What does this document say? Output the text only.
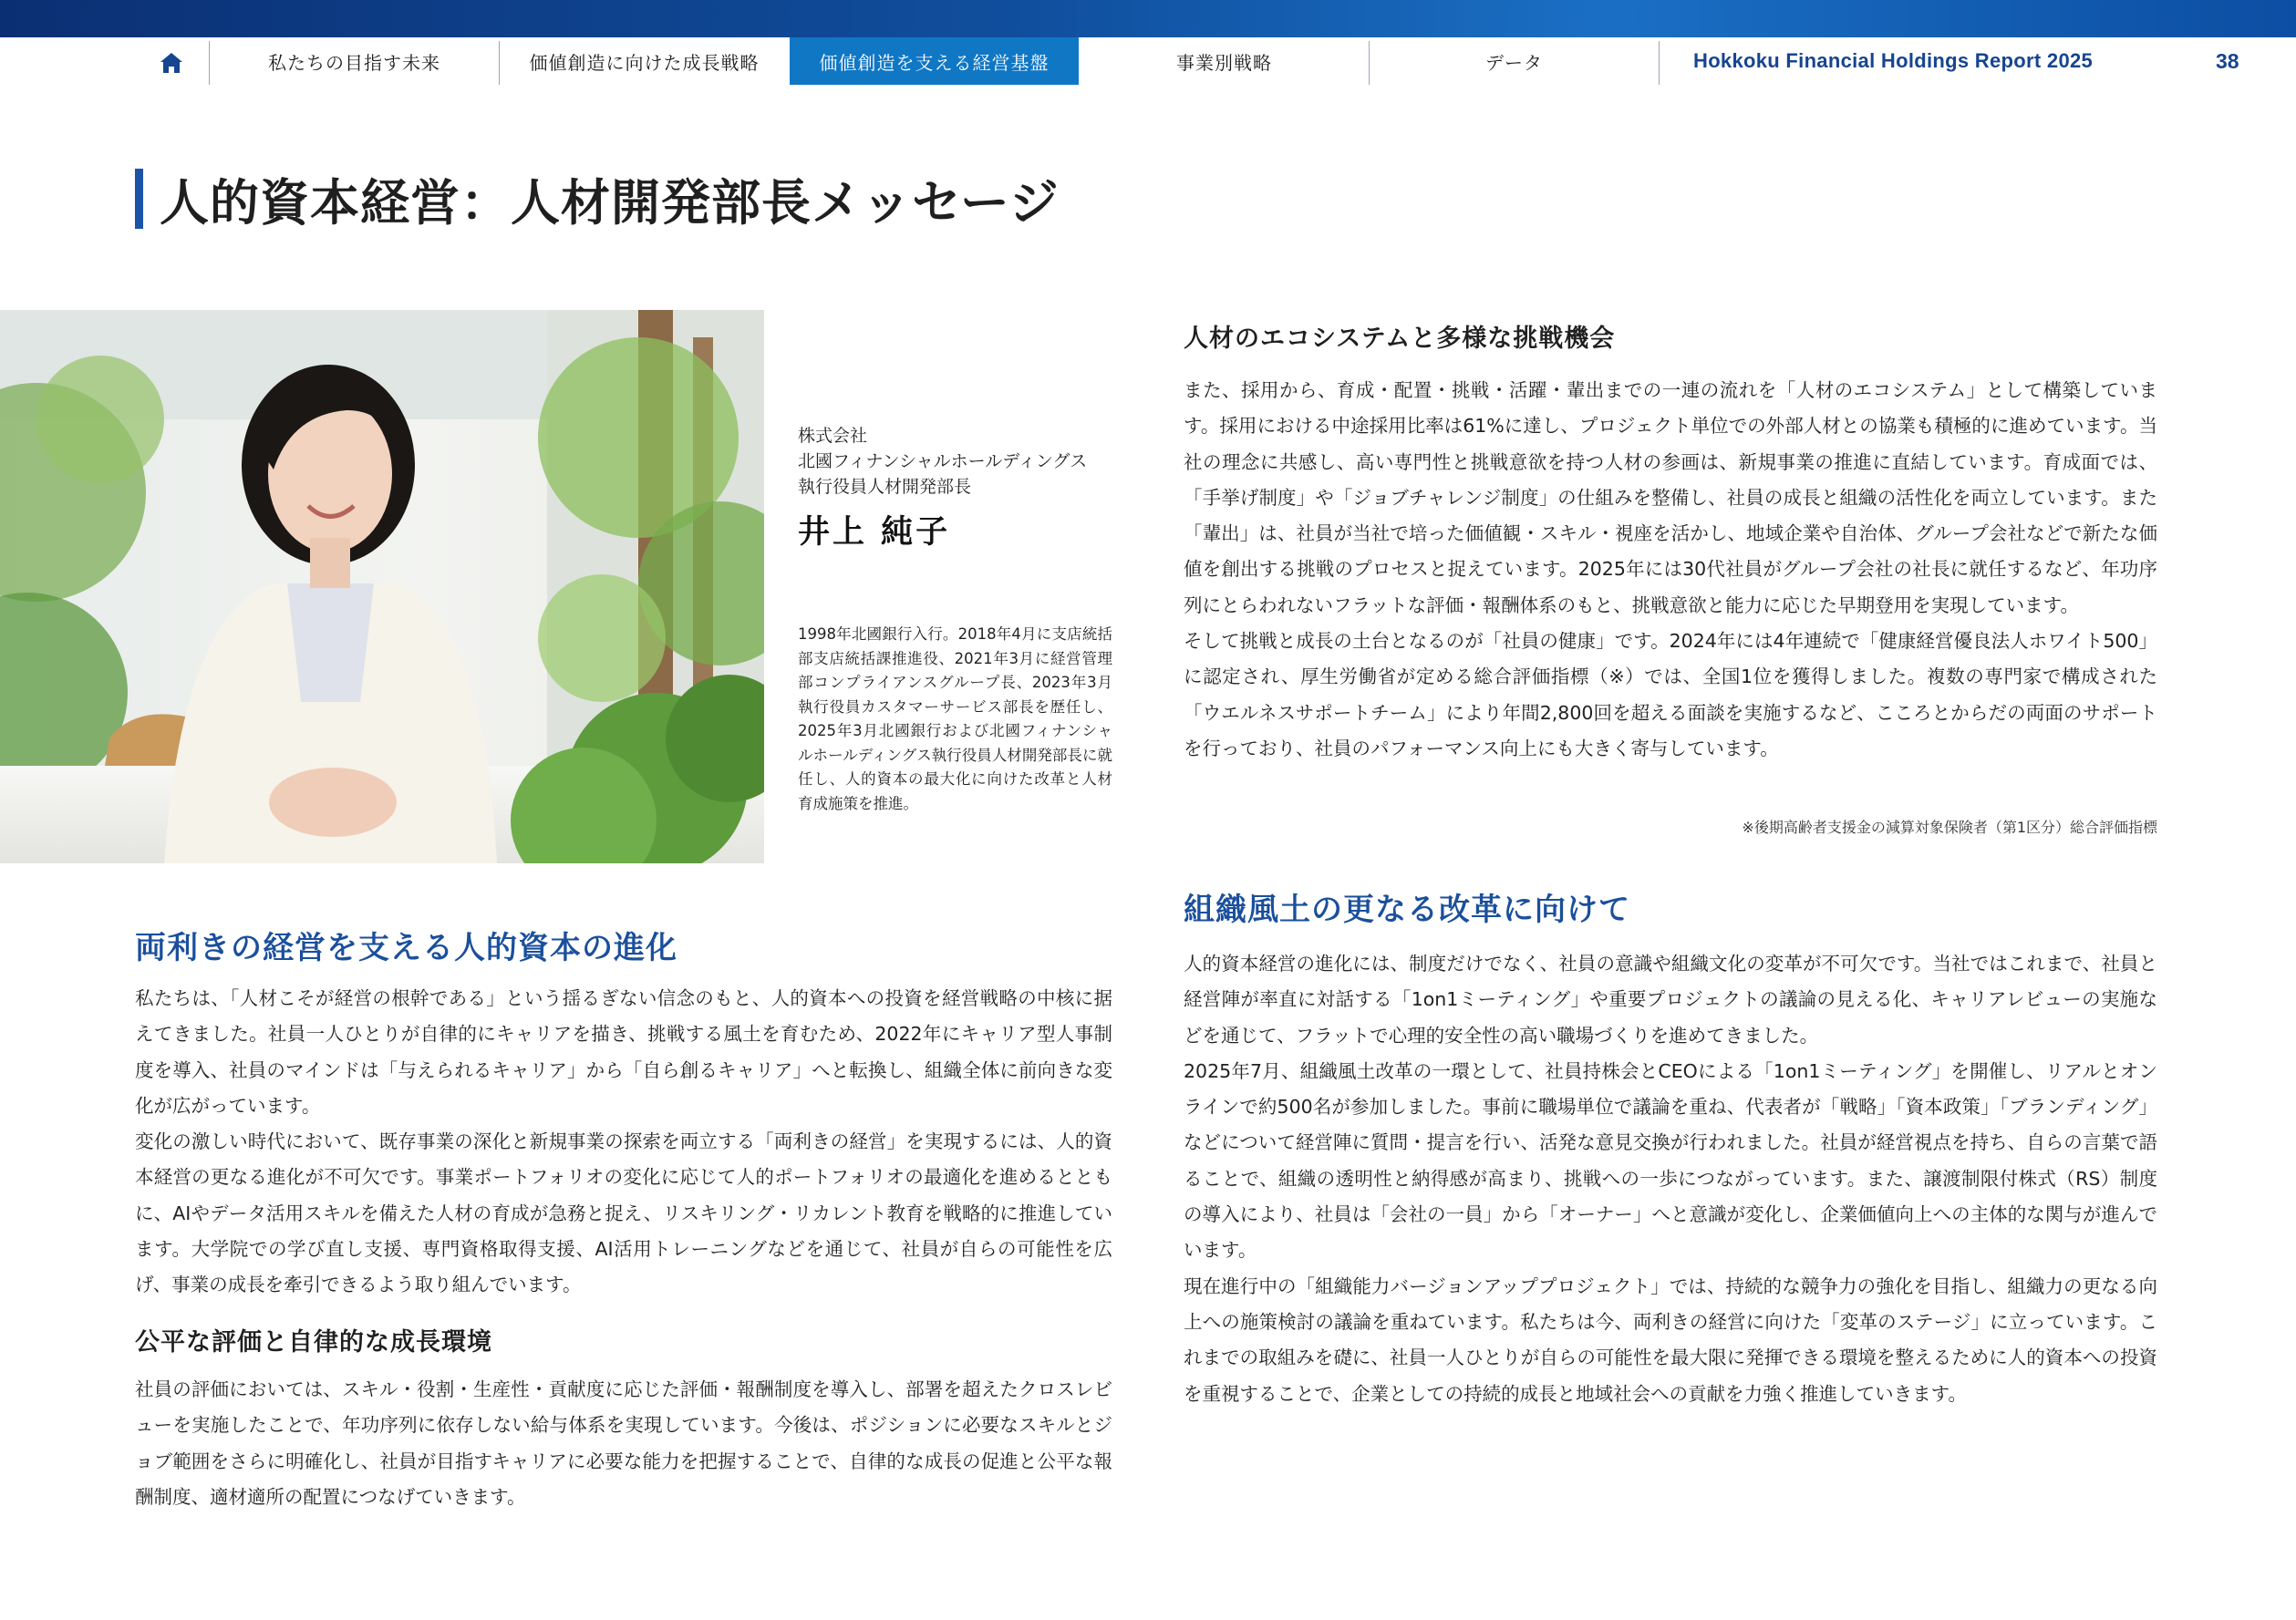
私たちの目指す未来	価値創造に向けた成長戦略	価値創造を支える経営基盤	事業別戦略	データ	Hokkoku Financial Holdings Report 2025	38
人的資本経営：人材開発部長メッセージ
株式会社
北國フィナンシャルホールディングス
執行役員人材開発部長
井上 純子
1998年北國銀行入行。2018年4月に支店統括部支店統括課推進役、2021年3月に経営管理部コンプライアンスグループ長、2023年3月執行役員カスタマーサービス部長を歴任し、2025年3月北國銀行および北國フィナンシャルホールディングス執行役員人材開発部長に就任し、人的資本の最大化に向けた改革と人材育成施策を推進。
両利きの経営を支える人的資本の進化

私たちは、「人材こそが経営の根幹である」という揺るぎない信念のもと、人的資本への投資を経営戦略の中核に据えてきました。社員一人ひとりが自律的にキャリアを描き、挑戦する風土を育むため、2022年にキャリア型人事制度を導入、社員のマインドは「与えられるキャリア」から「自ら創るキャリア」へと転換し、組織全体に前向きな変化が広がっています。

変化の激しい時代において、既存事業の深化と新規事業の探索を両立する「両利きの経営」を実現するには、人的資本経営の更なる進化が不可欠です。事業ポートフォリオの変化に応じて人的ポートフォリオの最適化を進めるとともに、AIやデータ活用スキルを備えた人材の育成が急務と捉え、リスキリング・リカレント教育を戦略的に推進しています。大学院での学び直し支援、専門資格取得支援、AI活用トレーニングなどを通じて、社員が自らの可能性を広げ、事業の成長を牽引できるよう取り組んでいます。

公平な評価と自律的な成長環境

社員の評価においては、スキル・役割・生産性・貢献度に応じた評価・報酬制度を導入し、部署を超えたクロスレビューを実施したことで、年功序列に依存しない給与体系を実現しています。今後は、ポジションに必要なスキルとジョブ範囲をさらに明確化し、社員が目指すキャリアに必要な能力を把握することで、自律的な成長の促進と公平な報酬制度、適材適所の配置につなげていきます。

人材のエコシステムと多様な挑戦機会

また、採用から、育成・配置・挑戦・活躍・輩出までの一連の流れを「人材のエコシステム」として構築しています。採用における中途採用比率は61%に達し、プロジェクト単位での外部人材との協業も積極的に進めています。当社の理念に共感し、高い専門性と挑戦意欲を持つ人材の参画は、新規事業の推進に直結しています。育成面では、「手挙げ制度」や「ジョブチャレンジ制度」の仕組みを整備し、社員の成長と組織の活性化を両立しています。また「輩出」は、社員が当社で培った価値観・スキル・視座を活かし、地域企業や自治体、グループ会社などで新たな価値を創出する挑戦のプロセスと捉えています。2025年には30代社員がグループ会社の社長に就任するなど、年功序列にとらわれないフラットな評価・報酬体系のもと、挑戦意欲と能力に応じた早期登用を実現しています。

そして挑戦と成長の土台となるのが「社員の健康」です。2024年には4年連続で「健康経営優良法人ホワイト500」に認定され、厚生労働省が定める総合評価指標（※）では、全国1位を獲得しました。複数の専門家で構成された「ウエルネスサポートチーム」により年間2,800回を超える面談を実施するなど、こころとからだの両面のサポートを行っており、社員のパフォーマンス向上にも大きく寄与しています。

※後期高齢者支援金の減算対象保険者（第1区分）総合評価指標
組織風土の更なる改革に向けて

人的資本経営の進化には、制度だけでなく、社員の意識や組織文化の変革が不可欠です。当社ではこれまで、社員と経営陣が率直に対話する「1on1ミーティング」や重要プロジェクトの議論の見える化、キャリアレビューの実施などを通じて、フラットで心理的安全性の高い職場づくりを進めてきました。

2025年7月、組織風土改革の一環として、社員持株会とCEOによる「1on1ミーティング」を開催し、リアルとオンラインで約500名が参加しました。事前に職場単位で議論を重ね、代表者が「戦略」「資本政策」「ブランディング」などについて経営陣に質問・提言を行い、活発な意見交換が行われました。社員が経営視点を持ち、自らの言葉で語ることで、組織の透明性と納得感が高まり、挑戦への一歩につながっています。また、譲渡制限付株式（RS）制度の導入により、社員は「会社の一員」から「オーナー」へと意識が変化し、企業価値向上への主体的な関与が進んでいます。

現在進行中の「組織能力バージョンアッププロジェクト」では、持続的な競争力の強化を目指し、組織力の更なる向上への施策検討の議論を重ねています。私たちは今、両利きの経営に向けた「変革のステージ」に立っています。これまでの取組みを礎に、社員一人ひとりが自らの可能性を最大限に発揮できる環境を整えるために人的資本への投資を重視することで、企業としての持続的成長と地域社会への貢献を力強く推進していきます。
